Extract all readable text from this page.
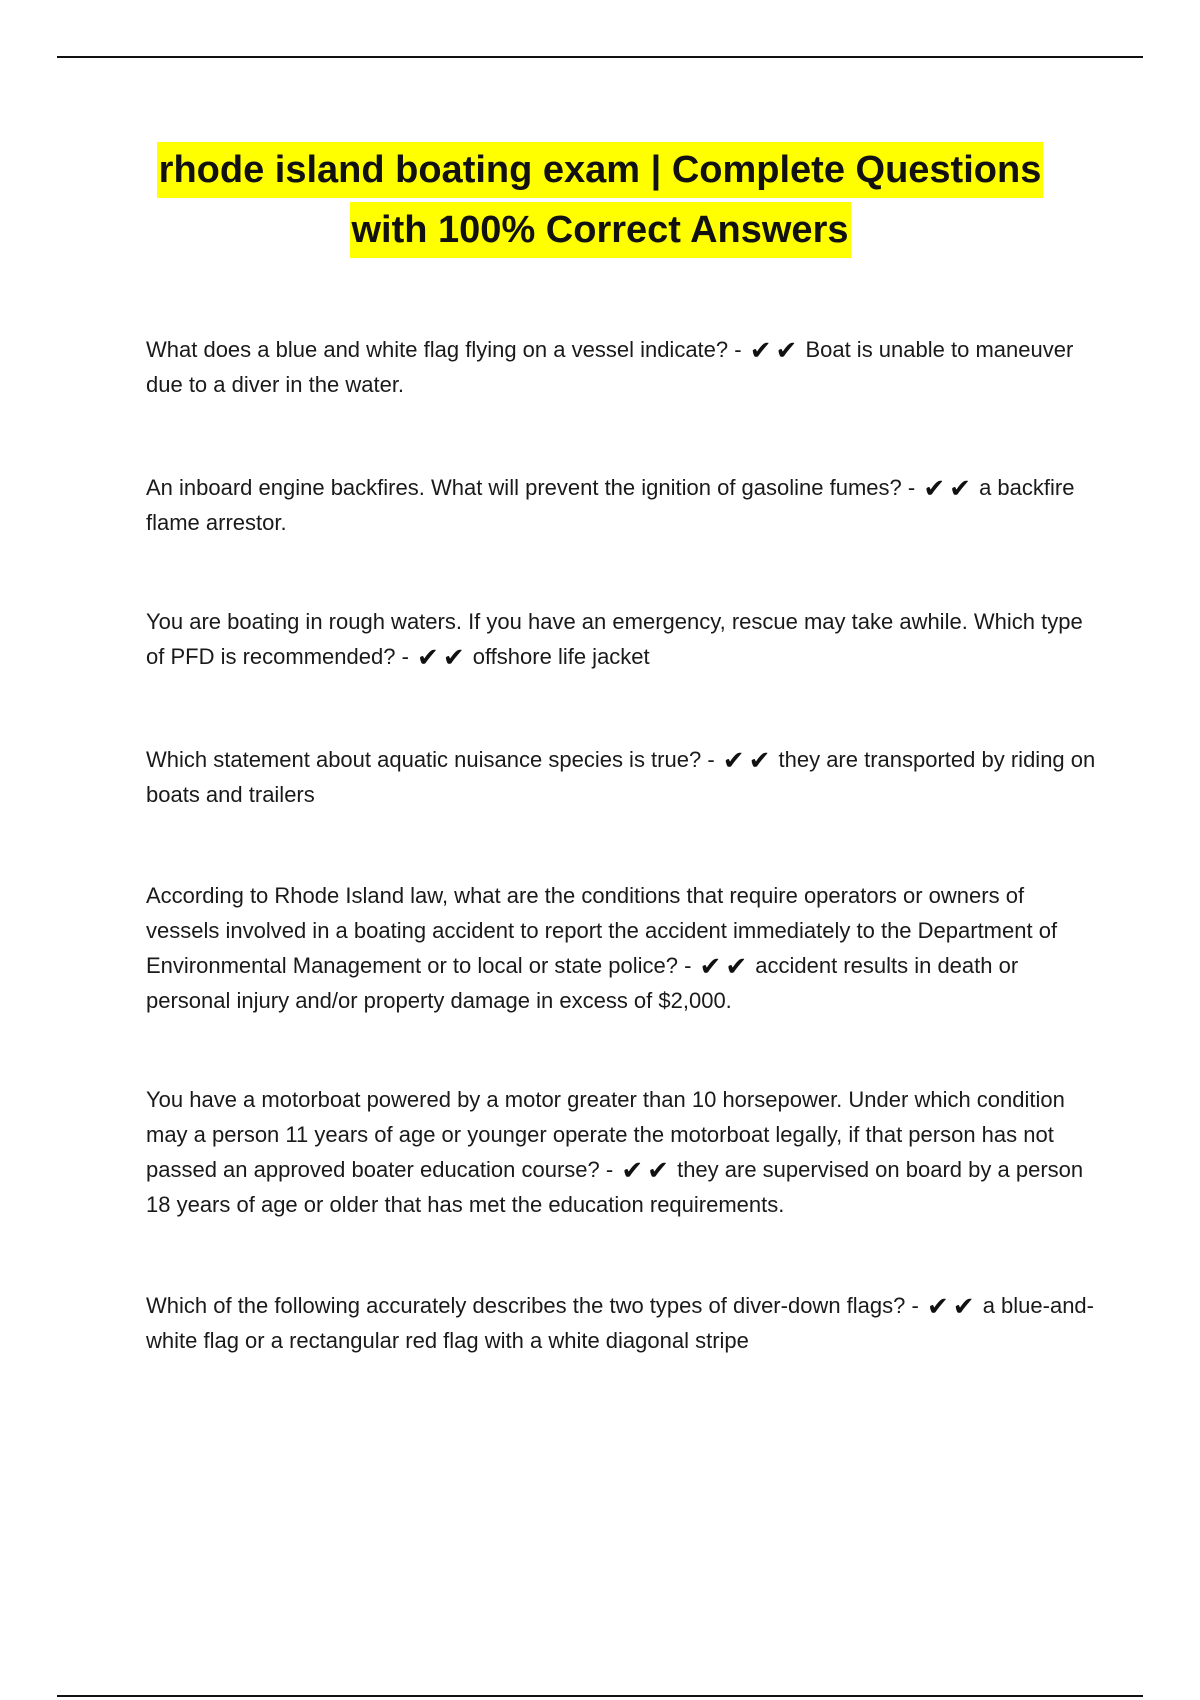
rhode island boating exam | Complete Questions
with 100% Correct Answers

What does a blue and white flag flying on a vessel indicate? - ✔ ✔ Boat is unable to maneuver due to a diver in the water.

An inboard engine backfires. What will prevent the ignition of gasoline fumes? - ✔ ✔ a backfire flame arrestor.

You are boating in rough waters. If you have an emergency, rescue may take awhile. Which type of PFD is recommended? - ✔ ✔ offshore life jacket

Which statement about aquatic nuisance species is true? - ✔ ✔ they are transported by riding on boats and trailers

According to Rhode Island law, what are the conditions that require operators or owners of vessels involved in a boating accident to report the accident immediately to the Department of Environmental Management or to local or state police? - ✔ ✔ accident results in death or personal injury and/or property damage in excess of $2,000.

You have a motorboat powered by a motor greater than 10 horsepower. Under which condition may a person 11 years of age or younger operate the motorboat legally, if that person has not passed an approved boater education course? - ✔ ✔ they are supervised on board by a person 18 years of age or older that has met the education requirements.

Which of the following accurately describes the two types of diver-down flags? - ✔ ✔ a blue-and-white flag or a rectangular red flag with a white diagonal stripe
